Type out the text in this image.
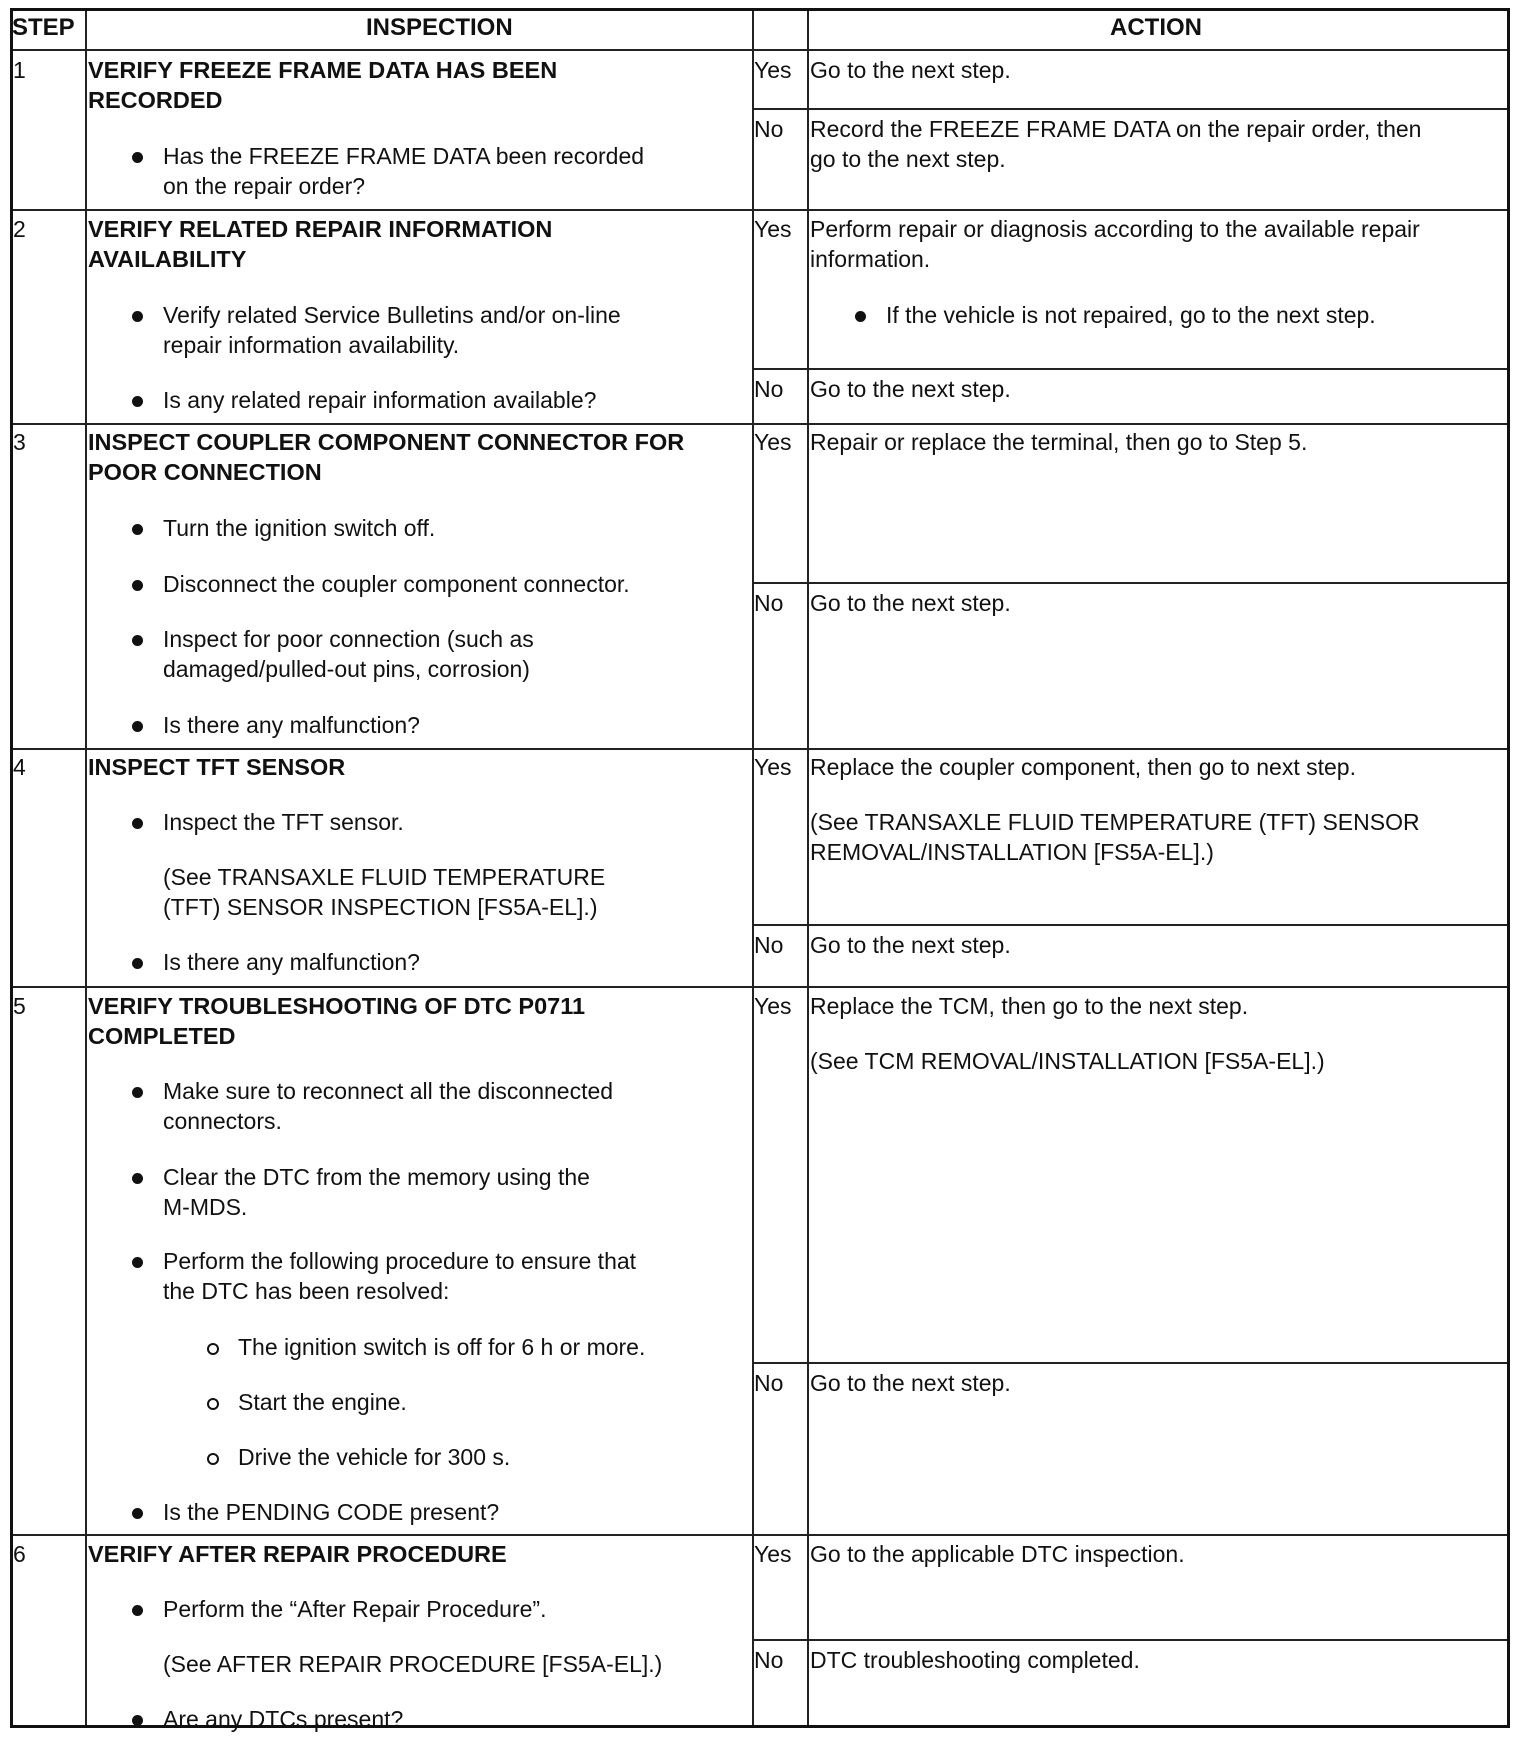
STEP	INSPECTION	ACTION
1	VERIFY FREEZE FRAME DATA HAS BEEN
RECORDED
Has the FREEZE FRAME DATA been recorded
on the repair order?
Yes Go to the next step.
No Record the FREEZE FRAME DATA on the repair order, then
go to the next step.
2	VERIFY RELATED REPAIR INFORMATION
AVAILABILITY
Verify related Service Bulletins and/or on-line
repair information availability.
Is any related repair information available?
Yes Perform repair or diagnosis according to the available repair
information.
If the vehicle is not repaired, go to the next step.
No Go to the next step.
3	INSPECT COUPLER COMPONENT CONNECTOR FOR
POOR CONNECTION
Turn the ignition switch off.
Disconnect the coupler component connector.
Inspect for poor connection (such as
damaged/pulled-out pins, corrosion)
Is there any malfunction?
Yes Repair or replace the terminal, then go to Step 5.
No Go to the next step.
4	INSPECT TFT SENSOR
Inspect the TFT sensor.
(See TRANSAXLE FLUID TEMPERATURE
(TFT) SENSOR INSPECTION [FS5A-EL].)
Is there any malfunction?
Yes Replace the coupler component, then go to next step.
(See TRANSAXLE FLUID TEMPERATURE (TFT) SENSOR
REMOVAL/INSTALLATION [FS5A-EL].)
No Go to the next step.
5	VERIFY TROUBLESHOOTING OF DTC P0711
COMPLETED
Make sure to reconnect all the disconnected
connectors.
Clear the DTC from the memory using the
M-MDS.
Perform the following procedure to ensure that
the DTC has been resolved:
The ignition switch is off for 6 h or more.
Start the engine.
Drive the vehicle for 300 s.
Is the PENDING CODE present?
Yes Replace the TCM, then go to the next step.
(See TCM REMOVAL/INSTALLATION [FS5A-EL].)
No Go to the next step.
6	VERIFY AFTER REPAIR PROCEDURE
Perform the “After Repair Procedure”.
(See AFTER REPAIR PROCEDURE [FS5A-EL].)
Are any DTCs present?
Yes Go to the applicable DTC inspection.
No DTC troubleshooting completed.
